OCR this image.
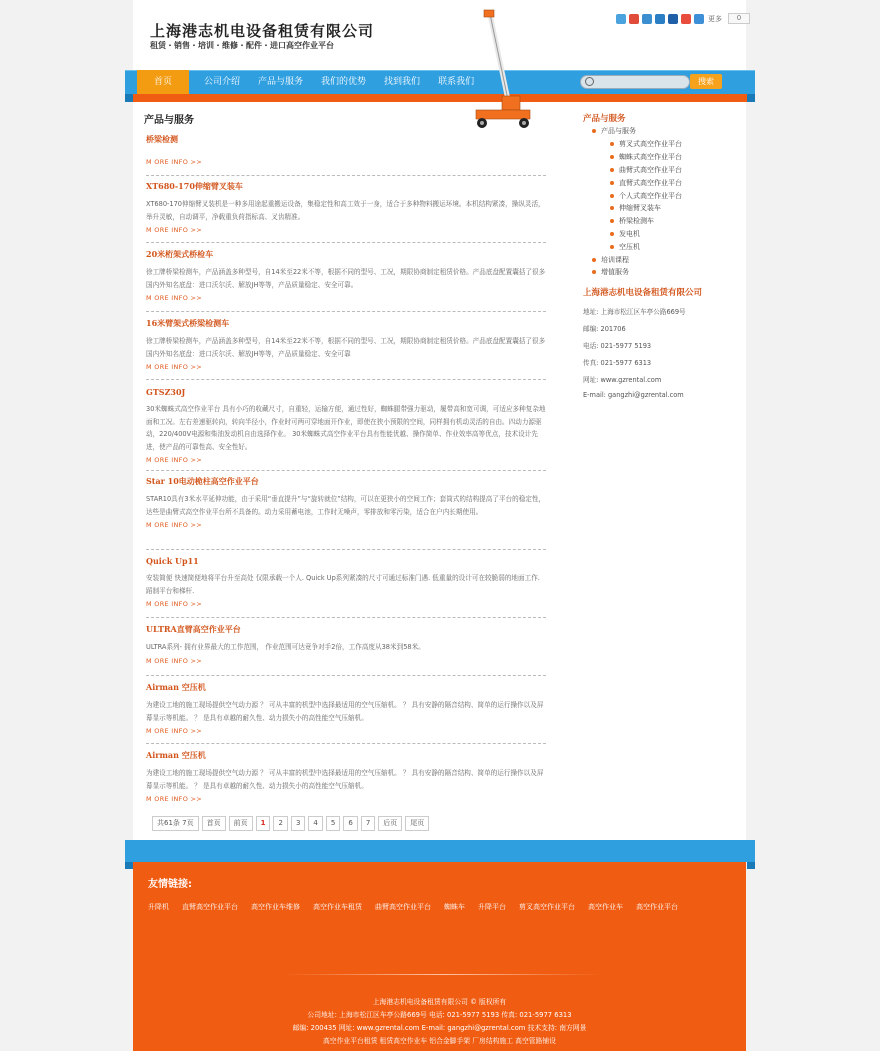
上海港志机电设备租赁有限公司
租赁・销售・培训・维修・配件・进口高空作业平台
更多	0
首页	公司介绍	产品与服务	我们的优势	找到我们	联系我们	搜索
产品与服务
桥梁检测
M ORE INFO >>
XT680-170伸缩臂叉装车
XT680-170伸缩臂叉装机是一种多用途起重搬运设备，集稳定性和高工效于一身，适合于多种物料搬运环境。本机结构紧凑，操纵灵活，举升灵敏，自动调平，净载重负荷指标高、叉齿精准。
M ORE INFO >>
20米桁架式桥检车
徐工牌桥梁检测车，产品涵盖多种型号，自14米至22米不等，根据不同的型号、工况，期限协商制定租赁价格。产品底盘配置囊括了很多国内外知名底盘：进口沃尔沃、解放JH等等，产品质量稳定、安全可靠。
M ORE INFO >>
16米臂架式桥梁检测车
徐工牌桥梁检测车，产品涵盖多种型号，自14米至22米不等，根据不同的型号、工况，期限协商制定租赁价格。产品底盘配置囊括了很多国内外知名底盘：进口沃尔沃、解放JH等等，产品质量稳定、安全可靠
M ORE INFO >>
GTSZ30J
30米蜘蛛式高空作业平台 具有小巧的收藏尺寸，自重轻，运输方便，通过性好，蜘蛛腿带强力驱动，履带高和宽可调，可适应多种复杂地面和工况。左右差速驱转向，转向半径小，作业时可两可穿地面开作业，即使在狭小预限的空间，同样拥有机动灵活的自由。四动力源驱动，220/400V电源和柴油发动机自由选择作业。 30米蜘蛛式高空作业平台具有性能优越、操作简单、作业效率高等优点，技术设计先进，使产品的可靠性高、安全性好。
M ORE INFO >>
Star 10电动桅柱高空作业平台
STAR10具有3米水平延伸功能，由于采用“垂直提升”与“旋转就位”结构，可以在更狭小的空间工作；套筒式的结构提高了平台的稳定性，达些是曲臂式高空作业平台所不具备的。动力采用蓄电池，工作时无噪声，零排放和零污染，适合在户内长期使用。
M ORE INFO >>
Quick Up11
安装简便 快速简便地将平台升至高处 仅限承载一个人. Quick Up系列紧凑的尺寸可通过标准门遇. 低重量的设计可在较脆弱的地面工作. 蹈制平台和梯杆.
M ORE INFO >>
ULTRA直臂高空作业平台
ULTRA系列- 拥有业界最大的工作范围， 作业范围可达竟争对手2倍，工作高度从38米到58米。
M ORE INFO >>
Airman 空压机
为建设工地的施工现场提供空气动力源 ？ 可从丰富的机型中选择最适用的空气压缩机。 ？ 具有安静的隔音结构、简单的运行操作以及屏幕显示等机能。 ？ 是具有卓越的耐久性、动力损失小的高性能空气压缩机。
M ORE INFO >>
Airman 空压机
为建设工地的施工现场提供空气动力源 ？ 可从丰富的机型中选择最适用的空气压缩机。 ？ 具有安静的隔音结构、简单的运行操作以及屏幕显示等机能。 ？ 是具有卓越的耐久性、动力损失小的高性能空气压缩机。
M ORE INFO >>
共61条 7页	首页	前页	1	2	3	4	5	6	7	后页	尾页
产品与服务
产品与服务
剪叉式高空作业平台
蜘蛛式高空作业平台
曲臂式高空作业平台
直臂式高空作业平台
个人式高空作业平台
伸缩臂叉装车
桥梁检测车
发电机
空压机
培训课程
增值服务
上海港志机电设备租赁有限公司
地址: 上海市松江区车亭公路669号
邮编: 201706
电话: 021-5977 5193
传真: 021-5977 6313
网址: www.gzrental.com
E-mail: gangzhi@gzrental.com
友情链接:
升降机 直臂高空作业平台 高空作业车维修 高空作业车租赁 曲臂高空作业平台 蜘蛛车 升降平台 剪叉高空作业平台 高空作业车 高空作业平台
上海港志机电设备租赁有限公司 © 版权所有
公司地址: 上海市松江区车亭公路669号 电话: 021-5977 5193 传真: 021-5977 6313
邮编: 200435 网址: www.gzrental.com E-mail: gangzhi@gzrental.com 技术支持: 南方网景
高空作业平台租赁 租赁高空作业车 铝合金脚手架 厂房结构施工 高空管路铺设
